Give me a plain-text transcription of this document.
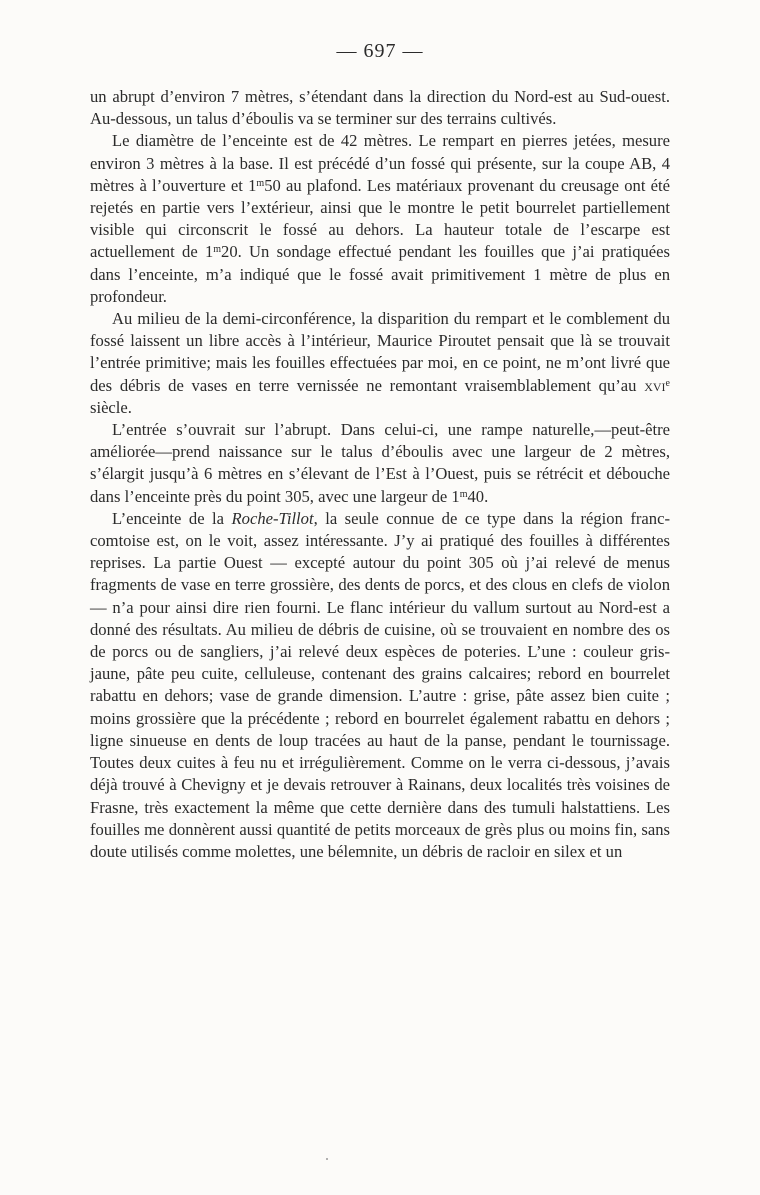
— 697 —

un abrupt d’environ 7 mètres, s’étendant dans la direction du Nord-est au Sud-ouest. Au-dessous, un talus d’éboulis va se terminer sur des terrains cultivés.

Le diamètre de l’enceinte est de 42 mètres. Le rempart en pierres jetées, mesure environ 3 mètres à la base. Il est précédé d’un fossé qui présente, sur la coupe AB, 4 mètres à l’ouverture et 1$^m$50 au plafond. Les matériaux provenant du creusage ont été rejetés en partie vers l’extérieur, ainsi que le montre le petit bourrelet partiellement visible qui circonscrit le fossé au dehors. La hauteur totale de l’escarpe est actuellement de 1$^m$20. Un sondage effectué pendant les fouilles que j’ai pratiquées dans l’enceinte, m’a indiqué que le fossé avait primitivement 1 mètre de plus en profondeur.

Au milieu de la demi-circonférence, la disparition du rempart et le comblement du fossé laissent un libre accès à l’intérieur, Maurice Piroutet pensait que là se trouvait l’entrée primitive; mais les fouilles effectuées par moi, en ce point, ne m’ont livré que des débris de vases en terre vernissée ne remontant vraisemblablement qu’au xvi$^e$ siècle.

L’entrée s’ouvrait sur l’abrupt. Dans celui-ci, une rampe naturelle,—peut-être améliorée—prend naissance sur le talus d’éboulis avec une largeur de 2 mètres, s’élargit jusqu’à 6 mètres en s’élevant de l’Est à l’Ouest, puis se rétrécit et débouche dans l’enceinte près du point 305, avec une largeur de 1$^m$40.

L’enceinte de la Roche-Tillot, la seule connue de ce type dans la région franc-comtoise est, on le voit, assez intéressante. J’y ai pratiqué des fouilles à différentes reprises. La partie Ouest — excepté autour du point 305 où j’ai relevé de menus fragments de vase en terre grossière, des dents de porcs, et des clous en clefs de violon — n’a pour ainsi dire rien fourni. Le flanc intérieur du vallum surtout au Nord-est a donné des résultats. Au milieu de débris de cuisine, où se trouvaient en nombre des os de porcs ou de sangliers, j’ai relevé deux espèces de poteries. L’une : couleur gris-jaune, pâte peu cuite, celluleuse, contenant des grains calcaires; rebord en bourrelet rabattu en dehors; vase de grande dimension. L’autre : grise, pâte assez bien cuite ; moins grossière que la précédente ; rebord en bourrelet également rabattu en dehors ; ligne sinueuse en dents de loup tracées au haut de la panse, pendant le tournissage. Toutes deux cuites à feu nu et irrégulièrement. Comme on le verra ci-dessous, j’avais déjà trouvé à Chevigny et je devais retrouver à Rainans, deux localités très voisines de Frasne, très exactement la même que cette dernière dans des tumuli halstattiens. Les fouilles me donnèrent aussi quantité de petits morceaux de grès plus ou moins fin, sans doute utilisés comme molettes, une bélemnite, un débris de racloir en silex et un
